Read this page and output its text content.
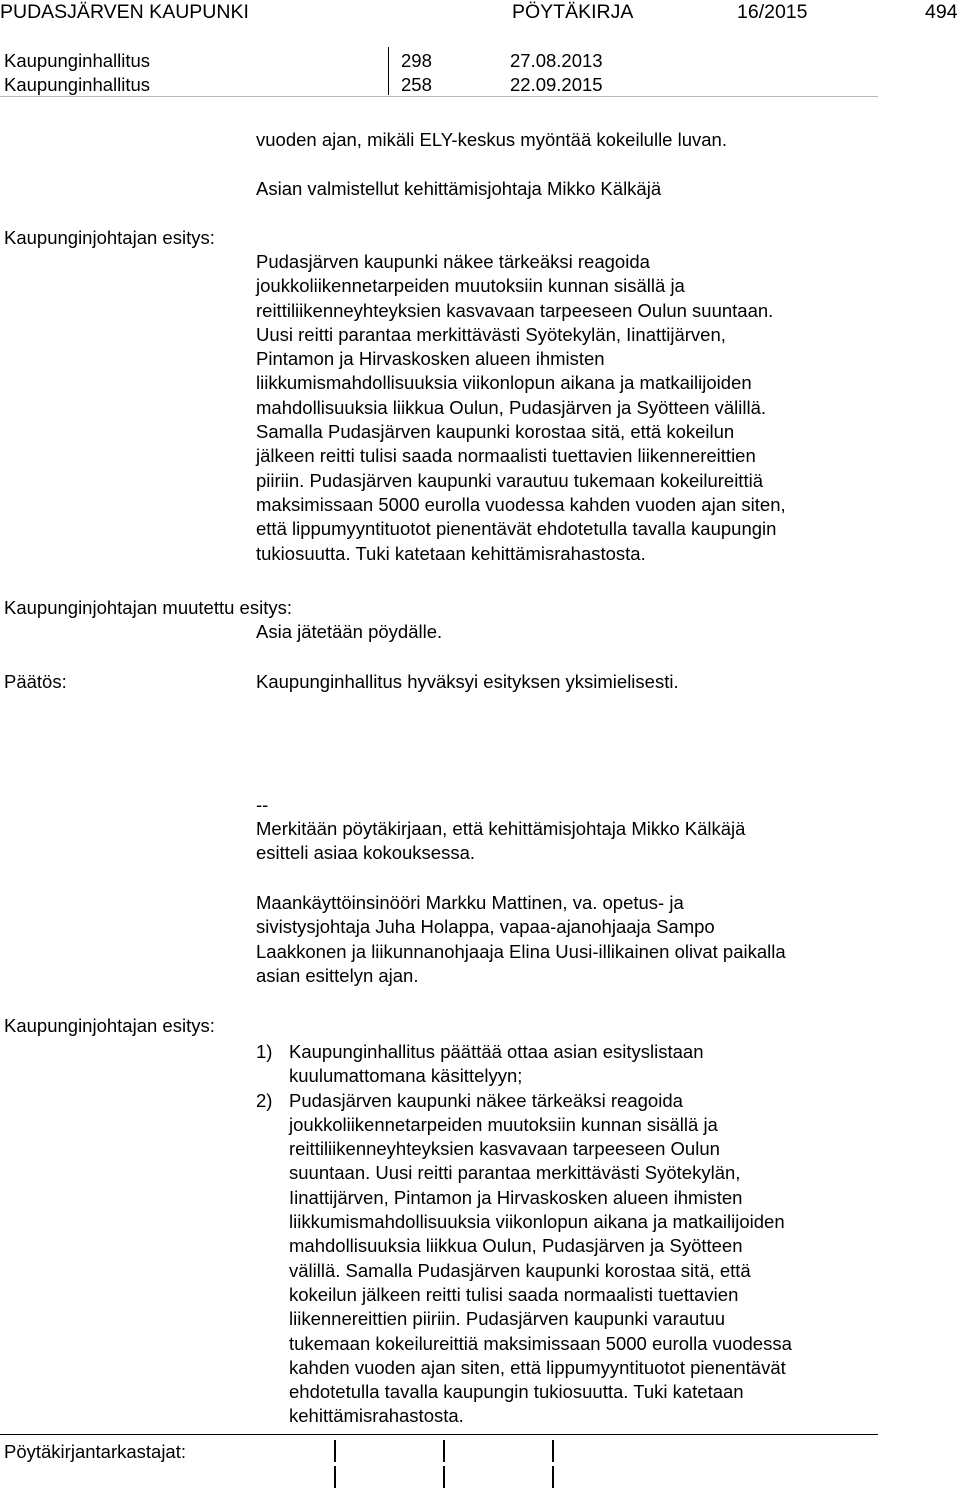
PUDASJÄRVEN KAUPUNKI	PÖYTÄKIRJA	16/2015	494
Kaupunginhallitus	298	27.08.2013
Kaupunginhallitus	258	22.09.2015
vuoden ajan, mikäli ELY-keskus myöntää kokeilulle luvan.
Asian valmistellut kehittämisjohtaja Mikko Kälkäjä
Kaupunginjohtajan esitys:
Pudasjärven kaupunki näkee tärkeäksi reagoida
joukkoliikennetarpeiden muutoksiin kunnan sisällä ja
reittiliikenneyhteyksien kasvavaan tarpeeseen Oulun suuntaan.
Uusi reitti parantaa merkittävästi Syötekylän, Iinattijärven,
Pintamon ja Hirvaskosken alueen ihmisten
liikkumismahdollisuuksia viikonlopun aikana ja matkailijoiden
mahdollisuuksia liikkua Oulun, Pudasjärven ja Syötteen välillä.
Samalla Pudasjärven kaupunki korostaa sitä, että kokeilun
jälkeen reitti tulisi saada normaalisti tuettavien liikennereittien
piiriin. Pudasjärven kaupunki varautuu tukemaan kokeilureittiä
maksimissaan 5000 eurolla vuodessa kahden vuoden ajan siten,
että lippumyyntituotot pienentävät ehdotetulla tavalla kaupungin
tukiosuutta. Tuki katetaan kehittämisrahastosta.
Kaupunginjohtajan muutettu esitys:
Asia jätetään pöydälle.
Päätös:	Kaupunginhallitus hyväksyi esityksen yksimielisesti.
--
Merkitään pöytäkirjaan, että kehittämisjohtaja Mikko Kälkäjä
esitteli asiaa kokouksessa.
Maankäyttöinsinööri Markku Mattinen, va. opetus- ja
sivistysjohtaja Juha Holappa, vapaa-ajanohjaaja Sampo
Laakkonen ja liikunnanohjaaja Elina Uusi-illikainen olivat paikalla
asian esittelyn ajan.
Kaupunginjohtajan esitys:
1) Kaupunginhallitus päättää ottaa asian esityslistaan
kuulumattomana käsittelyyn;
2) Pudasjärven kaupunki näkee tärkeäksi reagoida
joukkoliikennetarpeiden muutoksiin kunnan sisällä ja
reittiliikenneyhteyksien kasvavaan tarpeeseen Oulun
suuntaan. Uusi reitti parantaa merkittävästi Syötekylän,
Iinattijärven, Pintamon ja Hirvaskosken alueen ihmisten
liikkumismahdollisuuksia viikonlopun aikana ja matkailijoiden
mahdollisuuksia liikkua Oulun, Pudasjärven ja Syötteen
välillä. Samalla Pudasjärven kaupunki korostaa sitä, että
kokeilun jälkeen reitti tulisi saada normaalisti tuettavien
liikennereittien piiriin. Pudasjärven kaupunki varautuu
tukemaan kokeilureittiä maksimissaan 5000 eurolla vuodessa
kahden vuoden ajan siten, että lippumyyntituotot pienentävät
ehdotetulla tavalla kaupungin tukiosuutta. Tuki katetaan
kehittämisrahastosta.
Pöytäkirjantarkastajat:
